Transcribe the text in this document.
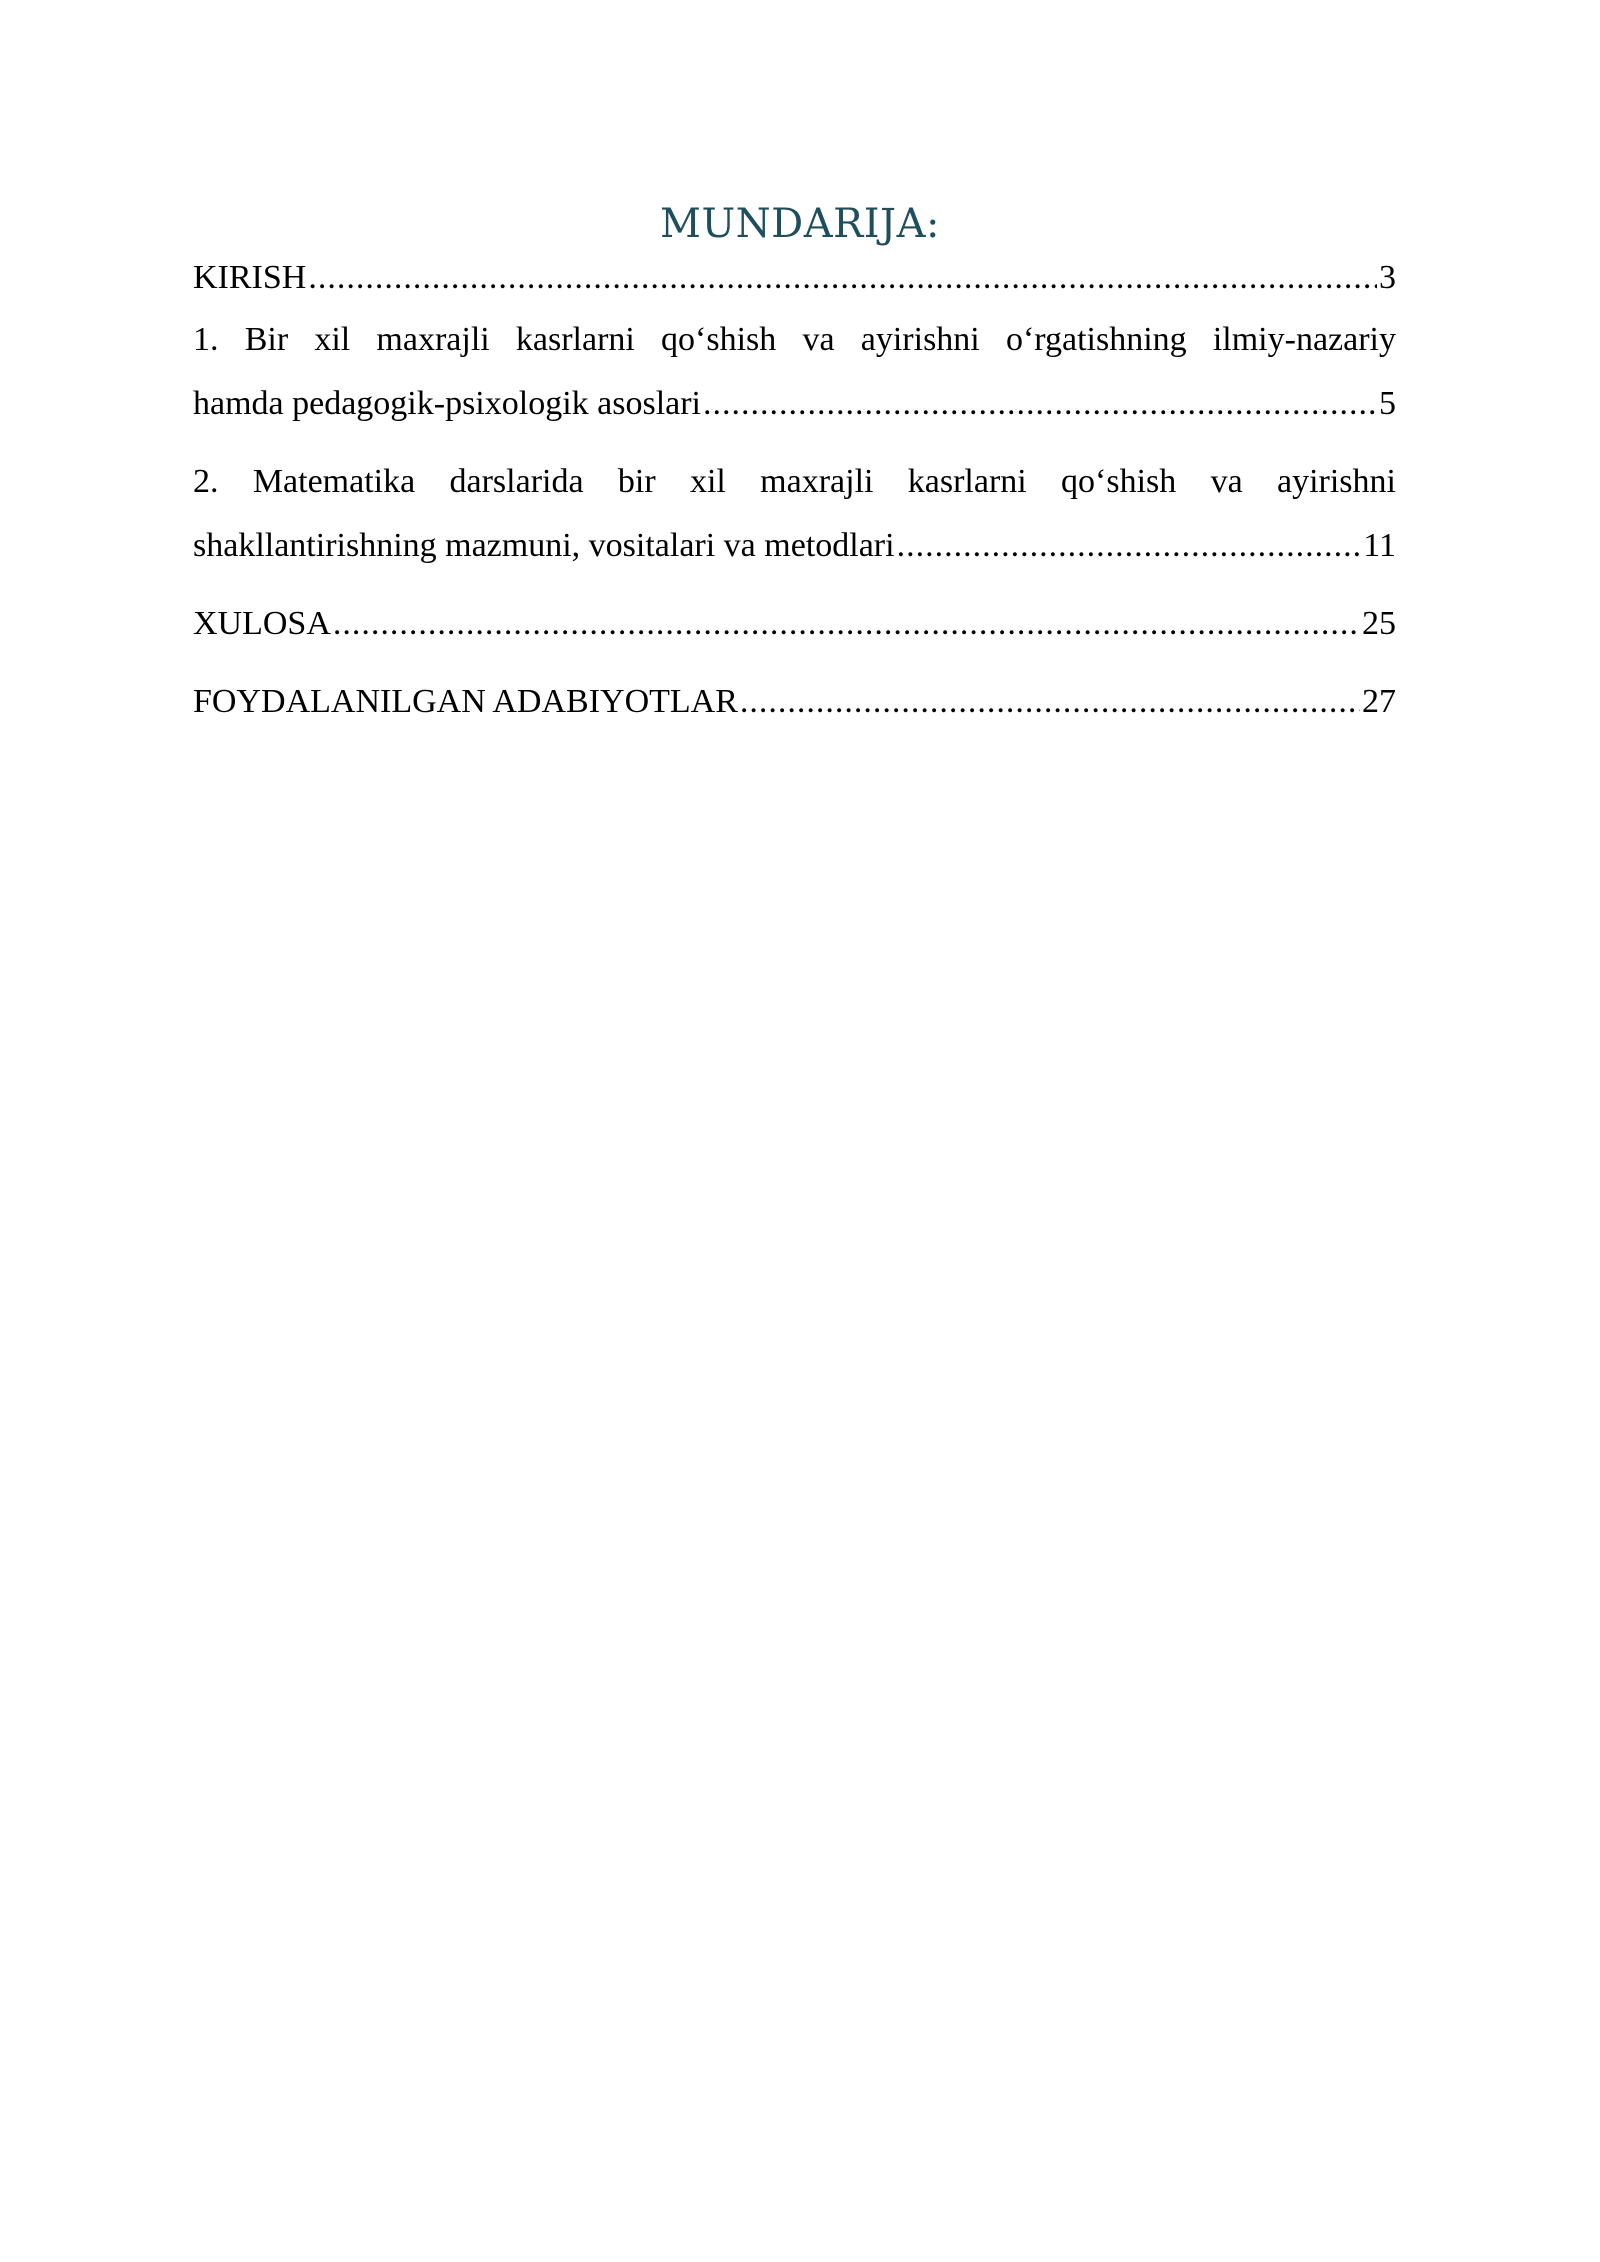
MUNDARIJA:
KIRISH .....	3
1. Bir xil maxrajli kasrlarni qo‘shish va ayirishni o‘rgatishning ilmiy-nazariy
hamda pedagogik-psixologik asoslari .....	5
2. Matematika darslarida bir xil maxrajli kasrlarni qo‘shish va ayirishni
shakllantirishning mazmuni, vositalari va metodlari .....	11
XULOSA .....	25
FOYDALANILGAN ADABIYOTLAR .....	27
